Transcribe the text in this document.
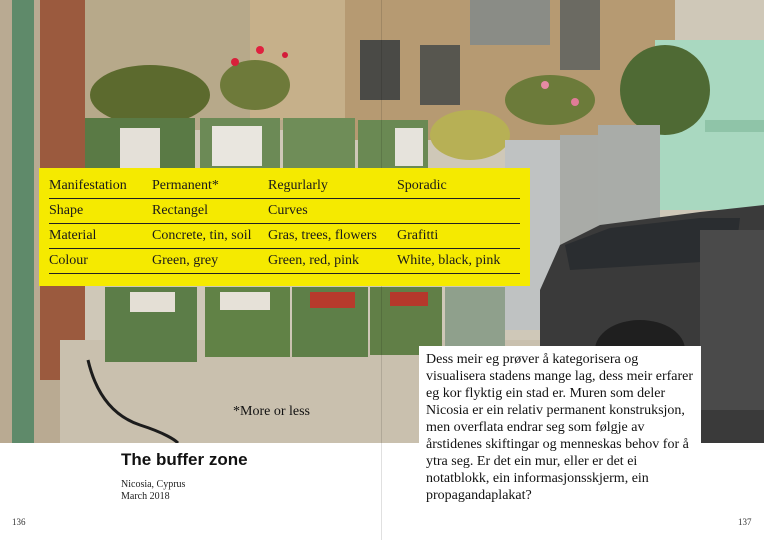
Manifestation	Permanent*	Regurlarly	Sporadic
Shape	Rectangel	Curves	
Material	Concrete, tin, soil	Gras, trees, flowers	Grafitti
Colour	Green, grey	Green, red, pink	White, black, pink
*More or less
The buffer zone
Nicosia, Cyprus
March 2018

Dess meir eg prøver å kategorisera og visualisera stadens mange lag, dess meir erfarer eg kor flyktig ein stad er. Muren som deler Nicosia er ein relativ permanent konstruksjon, men overflata endrar seg som følgje av årstidenes skiftingar og menneskas behov for å ytra seg. Er det ein mur, eller er det ei notatblokk, ein informasjonsskjerm, ein propagandaplakat?

136	137
